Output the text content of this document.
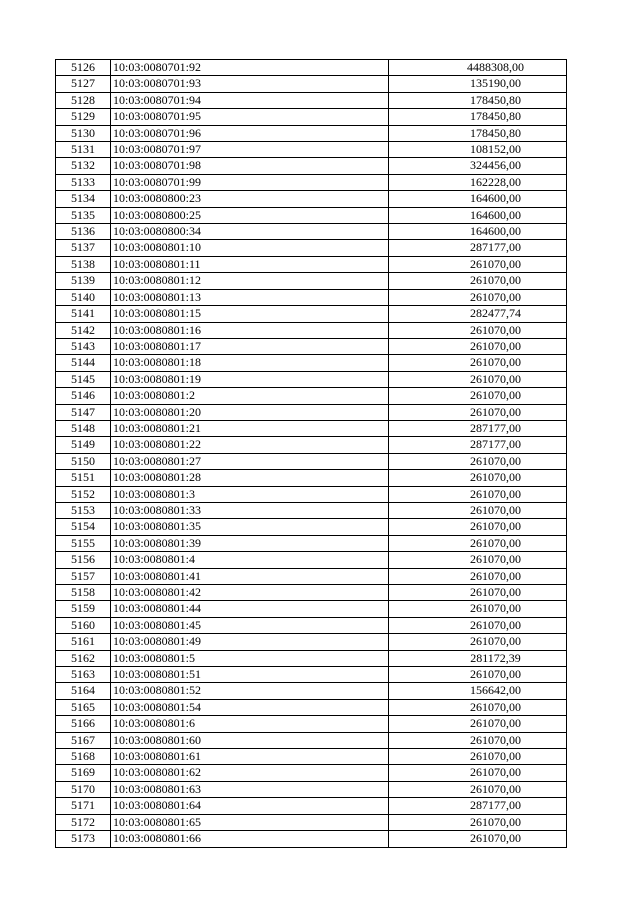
5126	10:03:0080701:92	4488308,00
5127	10:03:0080701:93	135190,00
5128	10:03:0080701:94	178450,80
5129	10:03:0080701:95	178450,80
5130	10:03:0080701:96	178450,80
5131	10:03:0080701:97	108152,00
5132	10:03:0080701:98	324456,00
5133	10:03:0080701:99	162228,00
5134	10:03:0080800:23	164600,00
5135	10:03:0080800:25	164600,00
5136	10:03:0080800:34	164600,00
5137	10:03:0080801:10	287177,00
5138	10:03:0080801:11	261070,00
5139	10:03:0080801:12	261070,00
5140	10:03:0080801:13	261070,00
5141	10:03:0080801:15	282477,74
5142	10:03:0080801:16	261070,00
5143	10:03:0080801:17	261070,00
5144	10:03:0080801:18	261070,00
5145	10:03:0080801:19	261070,00
5146	10:03:0080801:2	261070,00
5147	10:03:0080801:20	261070,00
5148	10:03:0080801:21	287177,00
5149	10:03:0080801:22	287177,00
5150	10:03:0080801:27	261070,00
5151	10:03:0080801:28	261070,00
5152	10:03:0080801:3	261070,00
5153	10:03:0080801:33	261070,00
5154	10:03:0080801:35	261070,00
5155	10:03:0080801:39	261070,00
5156	10:03:0080801:4	261070,00
5157	10:03:0080801:41	261070,00
5158	10:03:0080801:42	261070,00
5159	10:03:0080801:44	261070,00
5160	10:03:0080801:45	261070,00
5161	10:03:0080801:49	261070,00
5162	10:03:0080801:5	281172,39
5163	10:03:0080801:51	261070,00
5164	10:03:0080801:52	156642,00
5165	10:03:0080801:54	261070,00
5166	10:03:0080801:6	261070,00
5167	10:03:0080801:60	261070,00
5168	10:03:0080801:61	261070,00
5169	10:03:0080801:62	261070,00
5170	10:03:0080801:63	261070,00
5171	10:03:0080801:64	287177,00
5172	10:03:0080801:65	261070,00
5173	10:03:0080801:66	261070,00
